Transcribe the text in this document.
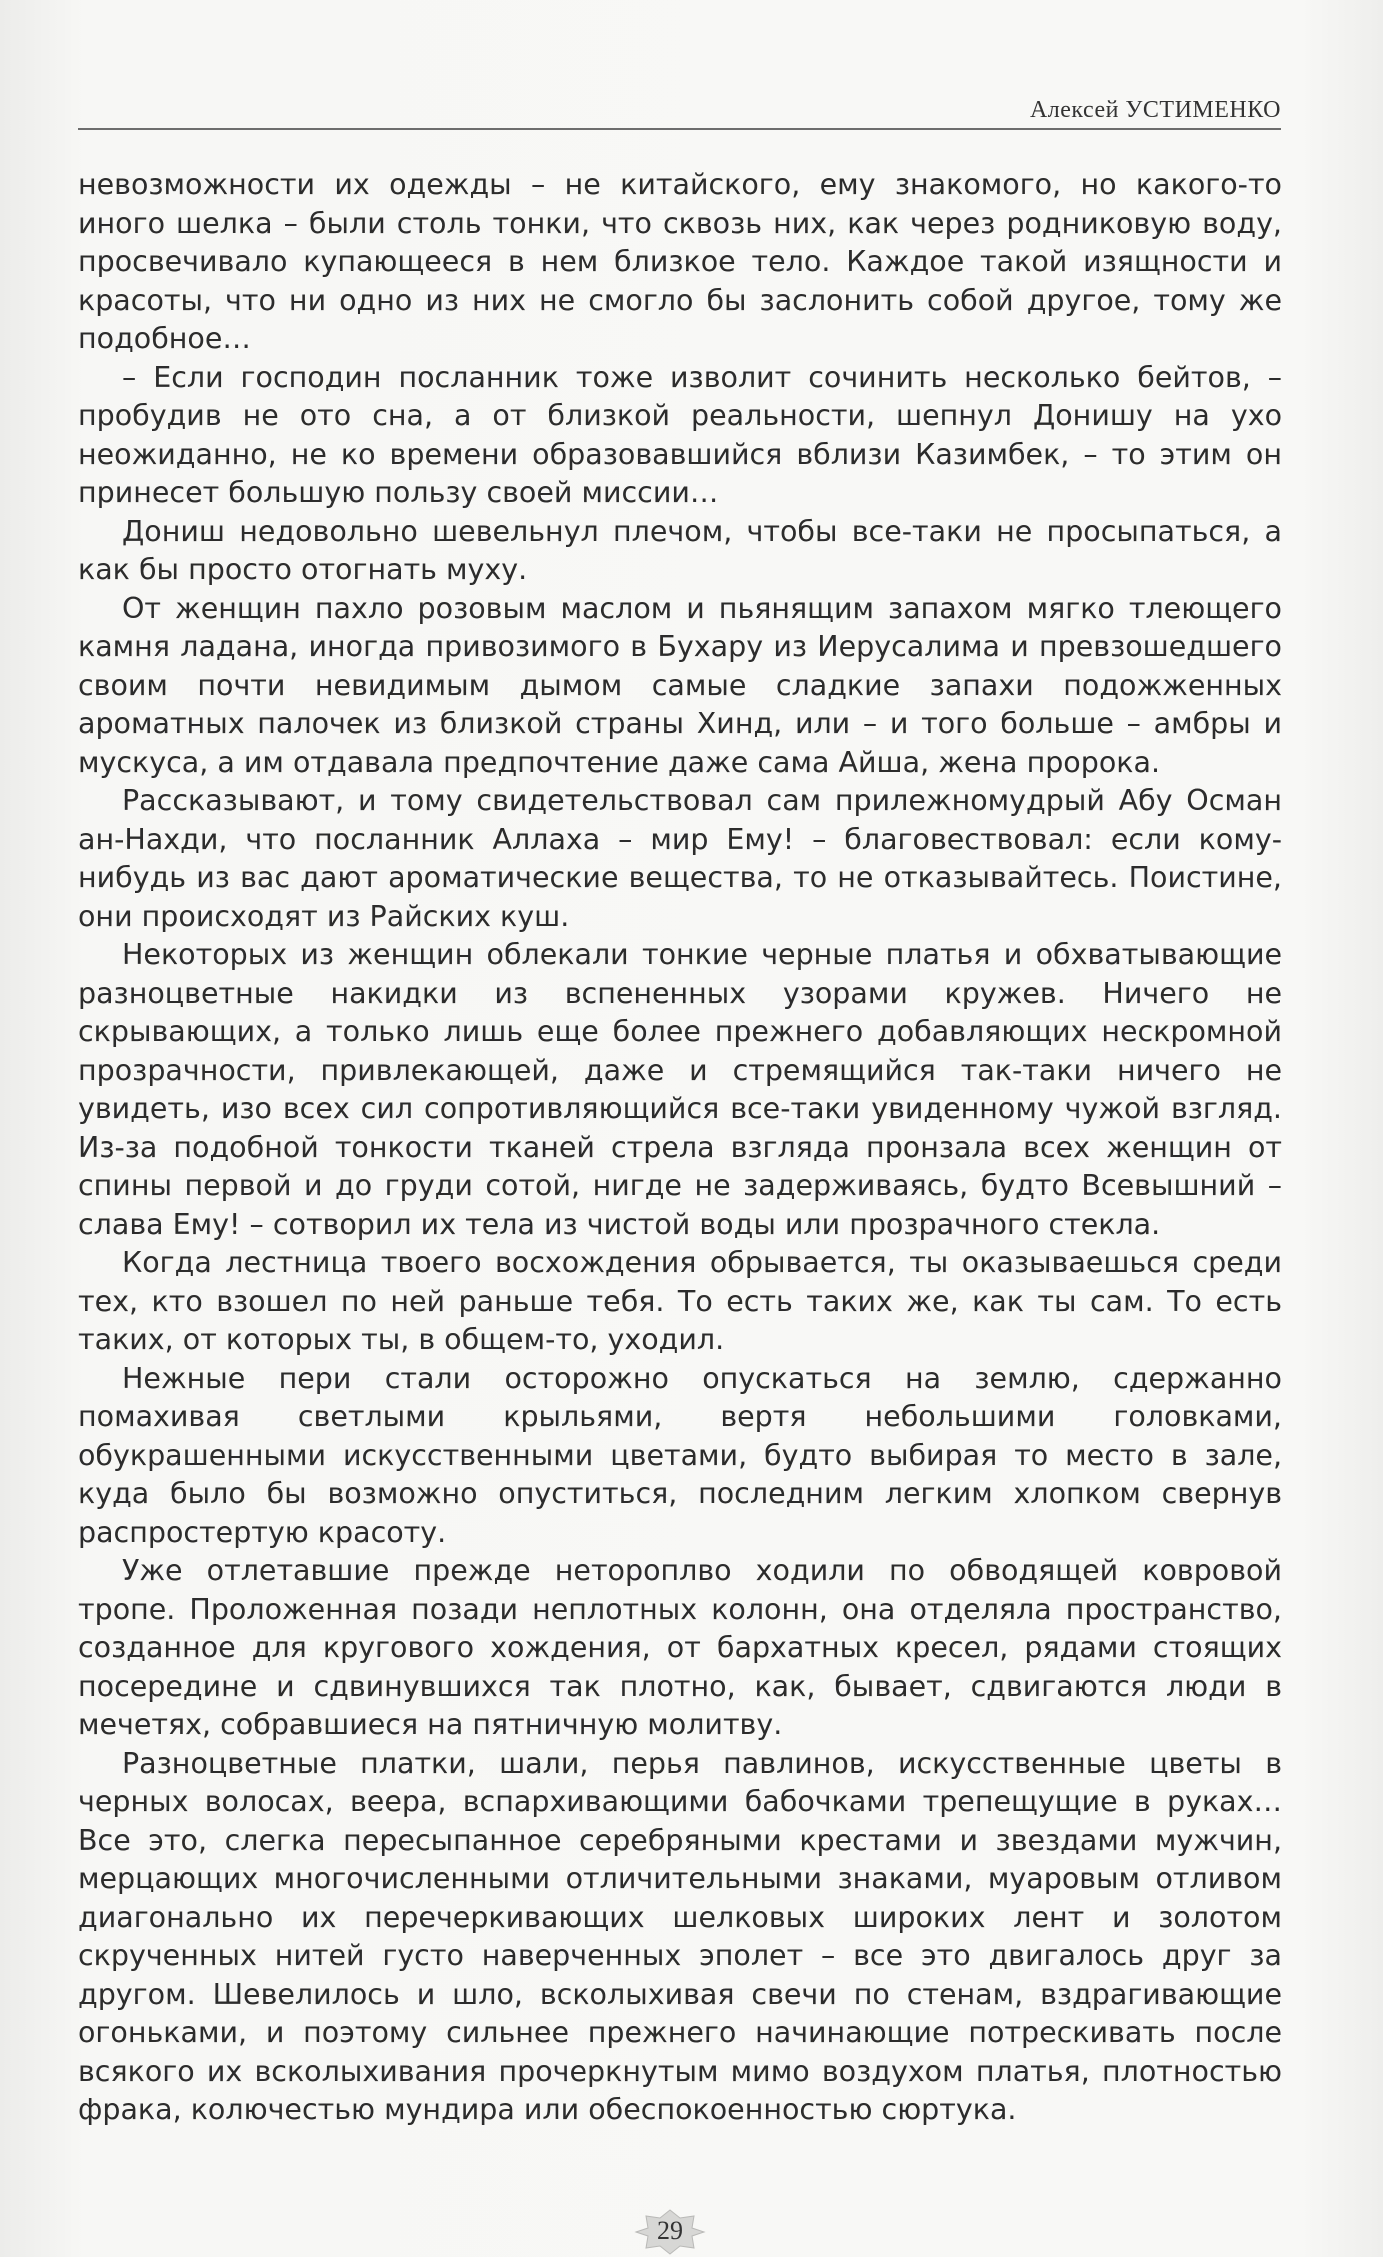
Алексей УСТИМЕНКО

невозможности их одежды – не китайского, ему знакомого, но какого-то иного шелка – были столь тонки, что сквозь них, как через родниковую воду, просвечивало купающееся в нем близкое тело. Каждое такой изящности и красоты, что ни одно из них не смогло бы заслонить собой другое, тому же подобное…

– Если господин посланник тоже изволит сочинить несколько бейтов, – пробудив не ото сна, а от близкой реальности, шепнул Донишу на ухо неожиданно, не ко времени образовавшийся вблизи Казимбек, – то этим он принесет большую пользу своей миссии…

Дониш недовольно шевельнул плечом, чтобы все-таки не просыпаться, а как бы просто отогнать муху.

От женщин пахло розовым маслом и пьянящим запахом мягко тлеющего камня ладана, иногда привозимого в Бухару из Иерусалима и превзошедшего своим почти невидимым дымом самые сладкие запахи подожженных ароматных палочек из близкой страны Хинд, или – и того больше – амбры и мускуса, а им отдавала предпочтение даже сама Айша, жена пророка.

Рассказывают, и тому свидетельствовал сам прилежномудрый Абу Осман ан-Нахди, что посланник Аллаха – мир Ему! – благовествовал: если кому-нибудь из вас дают ароматические вещества, то не отказывайтесь. Поистине, они происходят из Райских куш.

Некоторых из женщин облекали тонкие черные платья и обхватывающие разноцветные накидки из вспененных узорами кружев. Ничего не скрывающих, а только лишь еще более прежнего добавляющих нескромной прозрачности, привлекающей, даже и стремящийся так-таки ничего не увидеть, изо всех сил сопротивляющийся все-таки увиденному чужой взгляд. Из-за подобной тонкости тканей стрела взгляда пронзала всех женщин от спины первой и до груди сотой, нигде не задерживаясь, будто Всевышний – слава Ему! – сотворил их тела из чистой воды или прозрачного стекла.

Когда лестница твоего восхождения обрывается, ты оказываешься среди тех, кто взошел по ней раньше тебя. То есть таких же, как ты сам. То есть таких, от которых ты, в общем-то, уходил.

Нежные пери стали осторожно опускаться на землю, сдержанно помахивая светлыми крыльями, вертя небольшими головками, обукрашенными искусственными цветами, будто выбирая то место в зале, куда было бы возможно опуститься, последним легким хлопком свернув распростертую красоту.

Уже отлетавшие прежде нетороплво ходили по обводящей ковровой тропе. Проложенная позади неплотных колонн, она отделяла пространство, созданное для кругового хождения, от бархатных кресел, рядами стоящих посередине и сдвинувшихся так плотно, как, бывает, сдвигаются люди в мечетях, собравшиеся на пятничную молитву.

Разноцветные платки, шали, перья павлинов, искусственные цветы в черных волосах, веера, вспархивающими бабочками трепещущие в руках… Все это, слегка пересыпанное серебряными крестами и звездами мужчин, мерцающих многочисленными отличительными знаками, муаровым отливом диагонально их перечеркивающих шелковых широких лент и золотом скрученных нитей густо наверченных эполет – все это двигалось друг за другом. Шевелилось и шло, всколыхивая свечи по стенам, вздрагивающие огоньками, и поэтому сильнее прежнего начинающие потрескивать после всякого их всколыхивания прочеркнутым мимо воздухом платья, плотностью фрака, колючестью мундира или обеспокоенностью сюртука.

29
